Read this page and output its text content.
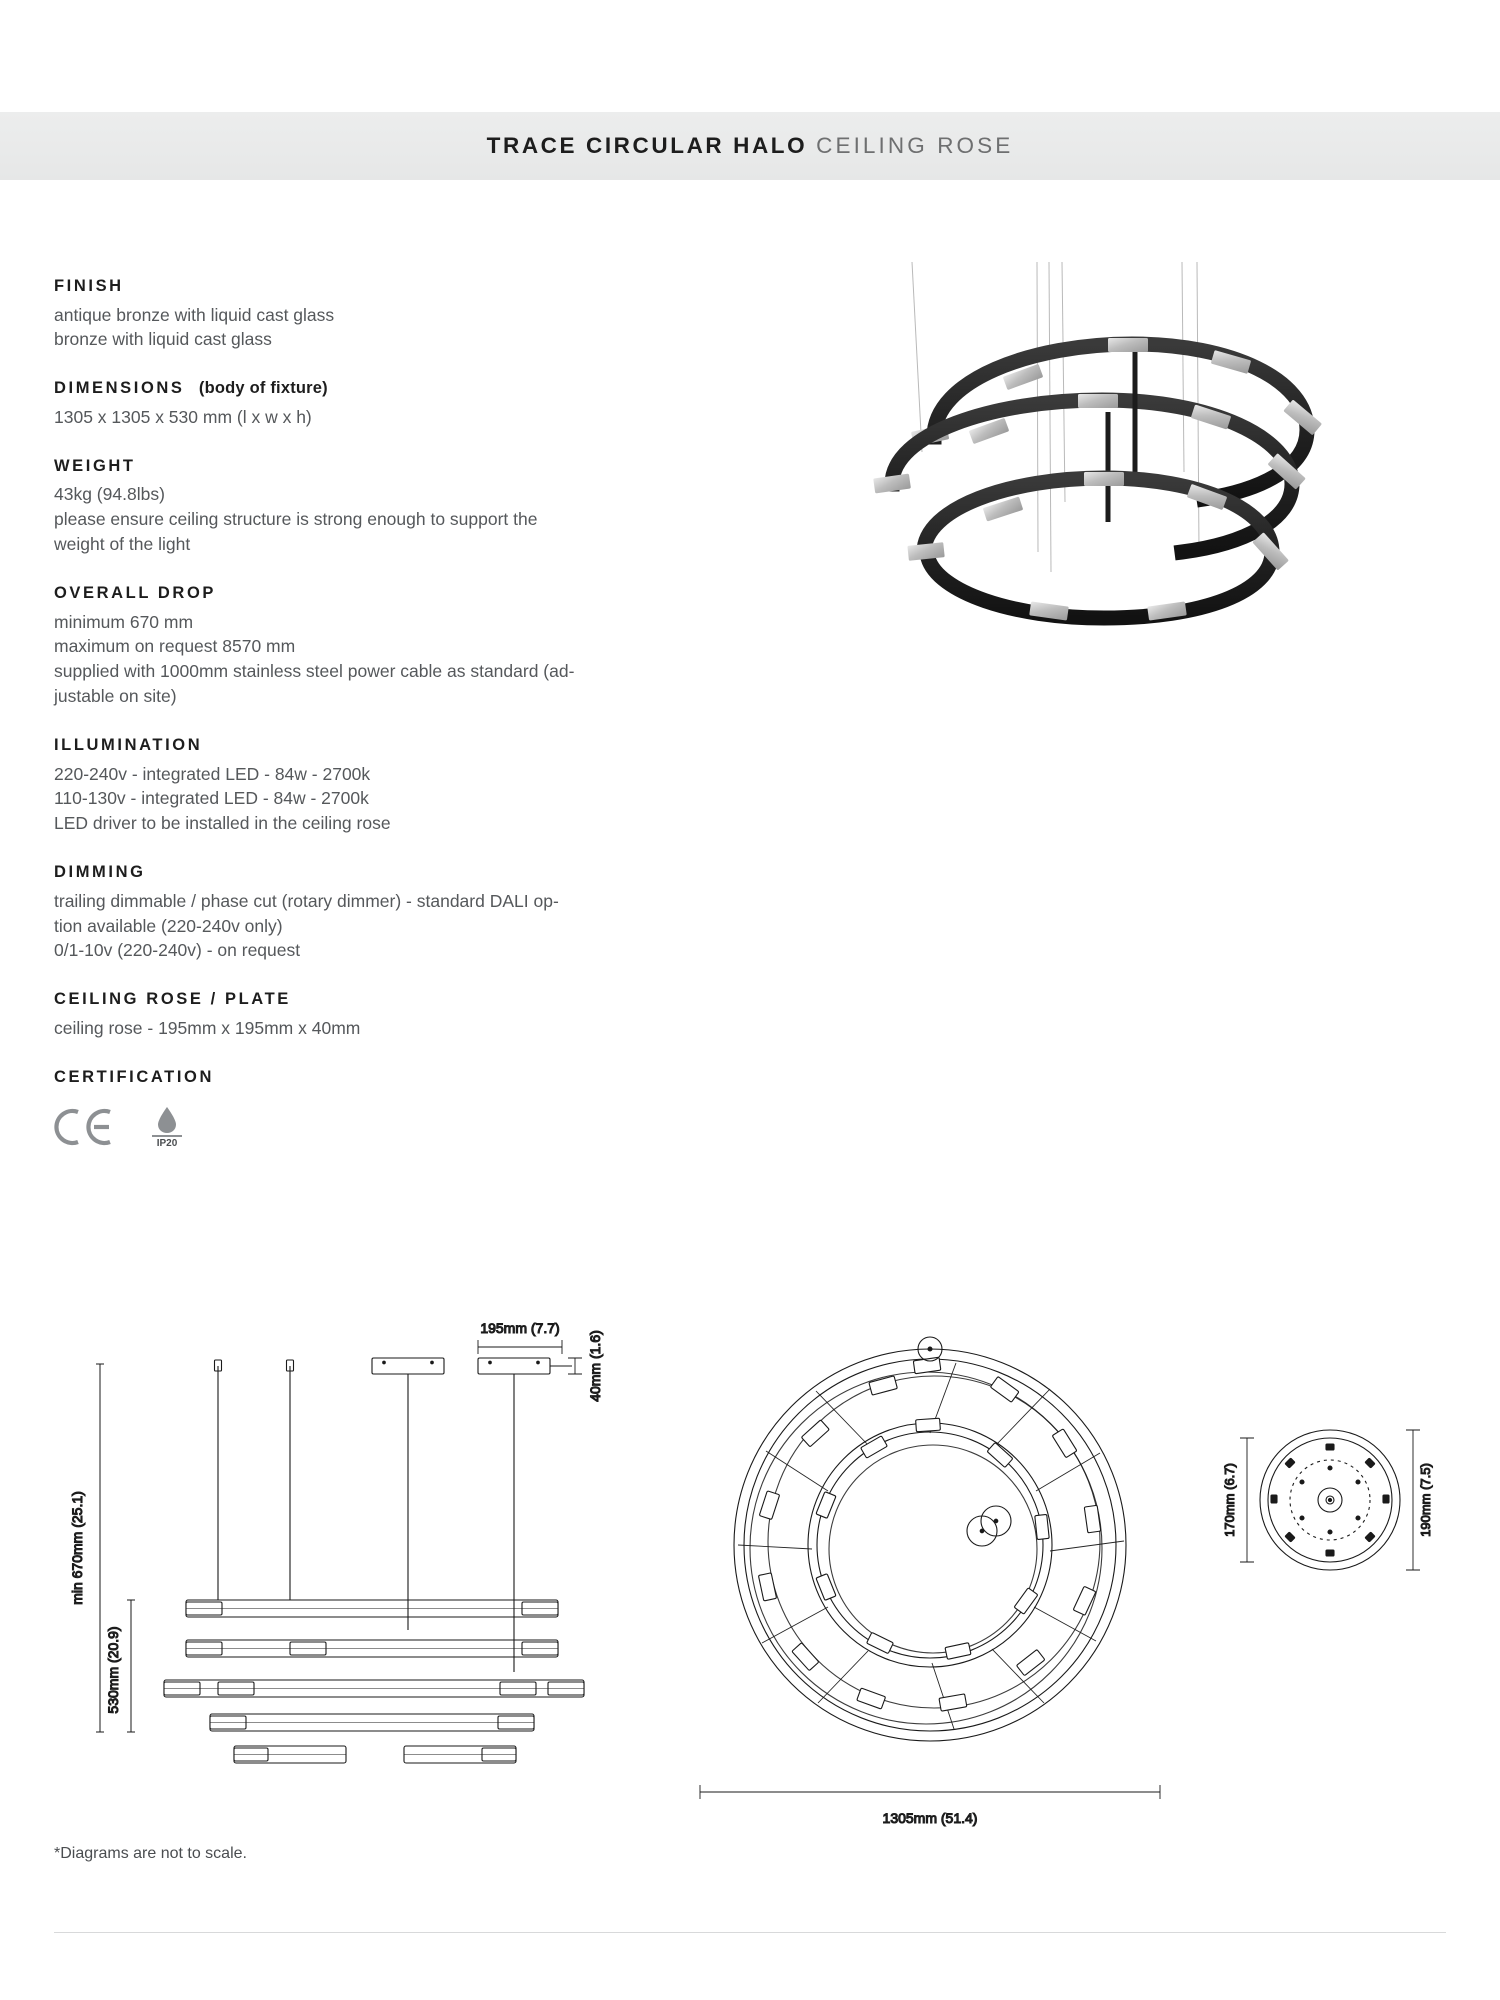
TRACE CIRCULAR HALO CEILING ROSE
FINISH

antique bronze with liquid cast glass

bronze with liquid cast glass

DIMENSIONS (body of fixture)

1305 x 1305 x 530 mm (l x w x h)

WEIGHT

43kg (94.8lbs)

please ensure ceiling structure is strong enough to support the

weight of the light

OVERALL DROP

minimum 670 mm

maximum on request 8570 mm

supplied with 1000mm stainless steel power cable as standard (ad-

justable on site)

ILLUMINATION

220-240v - integrated LED - 84w - 2700k

110-130v - integrated LED - 84w - 2700k

LED driver to be installed in the ceiling rose

DIMMING

trailing dimmable / phase cut (rotary dimmer) - standard DALI op-

tion available (220-240v only)

0/1-10v (220-240v) - on request

CEILING ROSE / PLATE

ceiling rose - 195mm x 195mm x 40mm

CERTIFICATION
IP20
min 670mm (25.1)
530mm (20.9)
195mm (7.7)
40mm (1.6)
1305mm (51.4)
170mm (6.7)	190mm (7.5)
*Diagrams are not to scale.
